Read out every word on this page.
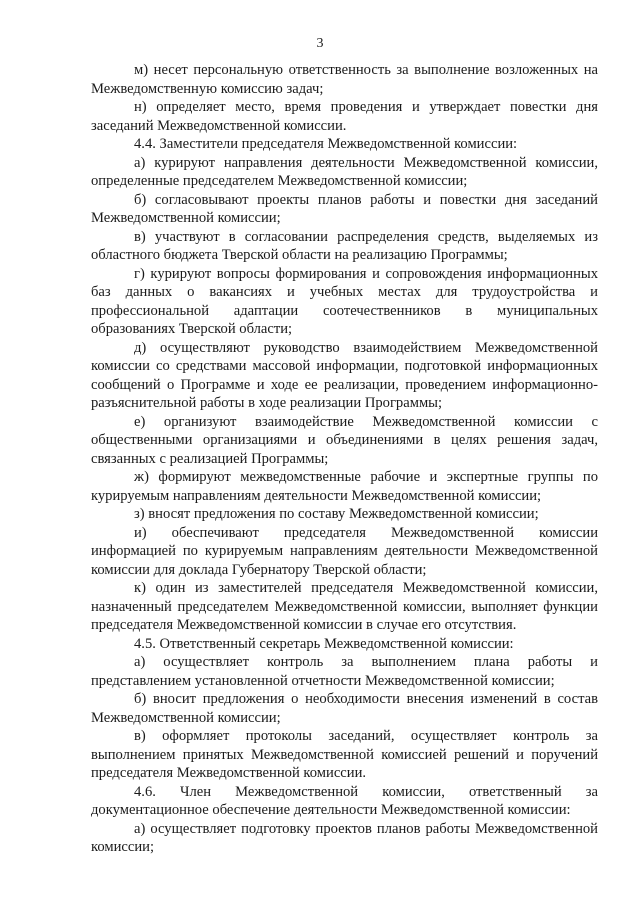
3

м) несет персональную ответственность за выполнение возложенных на Межведомственную комиссию задач;

н) определяет место, время проведения и утверждает повестки дня заседаний Межведомственной комиссии.

4.4. Заместители председателя Межведомственной комиссии:

а) курируют направления деятельности Межведомственной комиссии, определенные председателем Межведомственной комиссии;

б) согласовывают проекты планов работы и повестки дня заседаний Межведомственной комиссии;

в) участвуют в согласовании распределения средств, выделяемых из областного бюджета Тверской области на реализацию Программы;

г) курируют вопросы формирования и сопровождения информационных баз данных о вакансиях и учебных местах для трудоустройства и профессиональной адаптации соотечественников в муниципальных образованиях Тверской области;

д) осуществляют руководство взаимодействием Межведомственной комиссии со средствами массовой информации, подготовкой информационных сообщений о Программе и ходе ее реализации, проведением информационно-разъяснительной работы в ходе реализации Программы;

е) организуют взаимодействие Межведомственной комиссии с общественными организациями и объединениями в целях решения задач, связанных с реализацией Программы;

ж) формируют межведомственные рабочие и экспертные группы по курируемым направлениям деятельности Межведомственной комиссии;

з) вносят предложения по составу Межведомственной комиссии;

и) обеспечивают председателя Межведомственной комиссии информацией по курируемым направлениям деятельности Межведомственной комиссии для доклада Губернатору Тверской области;

к) один из заместителей председателя Межведомственной комиссии, назначенный председателем Межведомственной комиссии, выполняет функции председателя Межведомственной комиссии в случае его отсутствия.

4.5. Ответственный секретарь Межведомственной комиссии:

а) осуществляет контроль за выполнением плана работы и представлением установленной отчетности Межведомственной комиссии;

б) вносит предложения о необходимости внесения изменений в состав Межведомственной комиссии;

в) оформляет протоколы заседаний, осуществляет контроль за выполнением принятых Межведомственной комиссией решений и поручений председателя Межведомственной комиссии.

4.6. Член Межведомственной комиссии, ответственный за документационное обеспечение деятельности Межведомственной комиссии:

а) осуществляет подготовку проектов планов работы Межведомственной комиссии;
